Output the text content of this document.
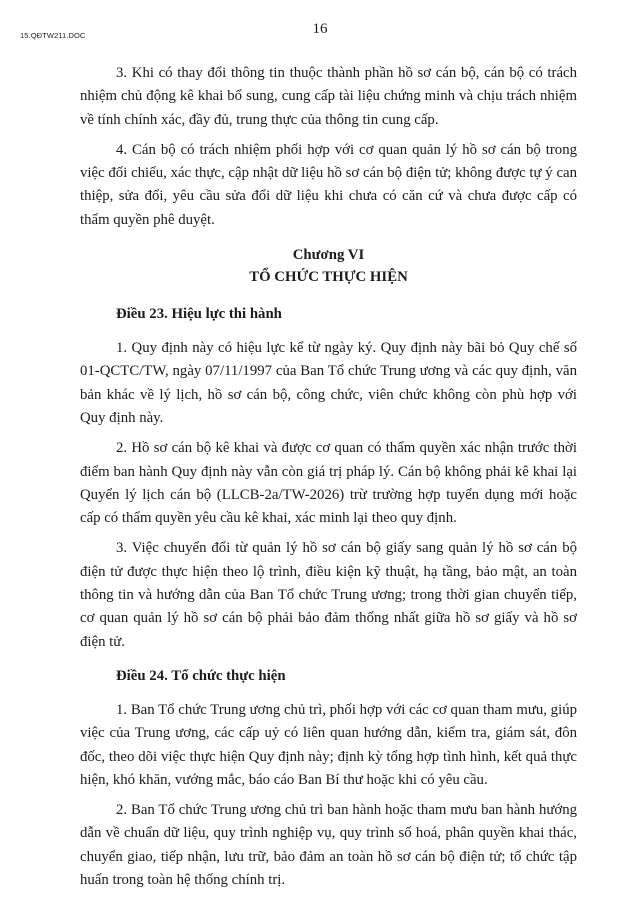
15.QĐTW211.DOC	16

3. Khi có thay đổi thông tin thuộc thành phần hồ sơ cán bộ, cán bộ có trách nhiệm chủ động kê khai bổ sung, cung cấp tài liệu chứng minh và chịu trách nhiệm về tính chính xác, đầy đủ, trung thực của thông tin cung cấp.

4. Cán bộ có trách nhiệm phối hợp với cơ quan quản lý hồ sơ cán bộ trong việc đối chiếu, xác thực, cập nhật dữ liệu hồ sơ cán bộ điện tử; không được tự ý can thiệp, sửa đổi, yêu cầu sửa đổi dữ liệu khi chưa có căn cứ và chưa được cấp có thẩm quyền phê duyệt.

Chương VI

TỔ CHỨC THỰC HIỆN

Điều 23. Hiệu lực thi hành

1. Quy định này có hiệu lực kể từ ngày ký. Quy định này bãi bỏ Quy chế số 01-QCTC/TW, ngày 07/11/1997 của Ban Tổ chức Trung ương và các quy định, văn bản khác về lý lịch, hồ sơ cán bộ, công chức, viên chức không còn phù hợp với Quy định này.

2. Hồ sơ cán bộ kê khai và được cơ quan có thẩm quyền xác nhận trước thời điểm ban hành Quy định này vẫn còn giá trị pháp lý. Cán bộ không phải kê khai lại Quyển lý lịch cán bộ (LLCB-2a/TW-2026) trừ trường hợp tuyển dụng mới hoặc cấp có thẩm quyền yêu cầu kê khai, xác minh lại theo quy định.

3. Việc chuyển đổi từ quản lý hồ sơ cán bộ giấy sang quản lý hồ sơ cán bộ điện tử được thực hiện theo lộ trình, điều kiện kỹ thuật, hạ tầng, bảo mật, an toàn thông tin và hướng dẫn của Ban Tổ chức Trung ương; trong thời gian chuyển tiếp, cơ quan quản lý hồ sơ cán bộ phải bảo đảm thống nhất giữa hồ sơ giấy và hồ sơ điện tử.

Điều 24. Tổ chức thực hiện

1. Ban Tổ chức Trung ương chủ trì, phối hợp với các cơ quan tham mưu, giúp việc của Trung ương, các cấp uỷ có liên quan hướng dẫn, kiểm tra, giám sát, đôn đốc, theo dõi việc thực hiện Quy định này; định kỳ tổng hợp tình hình, kết quả thực hiện, khó khăn, vướng mắc, báo cáo Ban Bí thư hoặc khi có yêu cầu.

2. Ban Tổ chức Trung ương chủ trì ban hành hoặc tham mưu ban hành hướng dẫn về chuẩn dữ liệu, quy trình nghiệp vụ, quy trình số hoá, phân quyền khai thác, chuyển giao, tiếp nhận, lưu trữ, bảo đảm an toàn hồ sơ cán bộ điện tử; tổ chức tập huấn trong toàn hệ thống chính trị.
